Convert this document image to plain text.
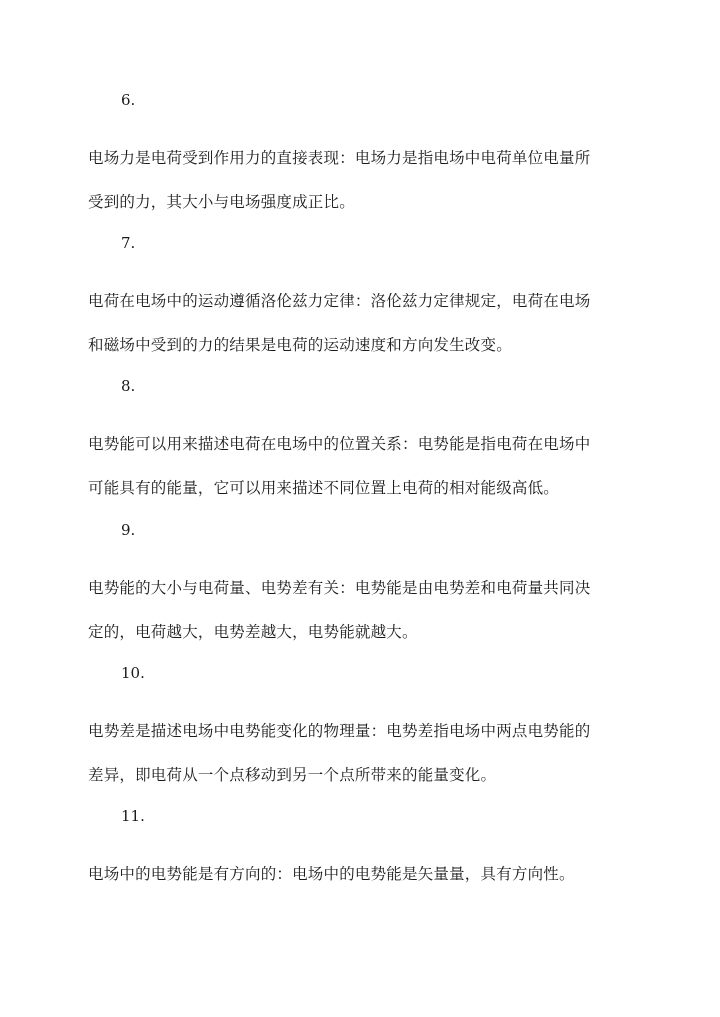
6.
电场力是电荷受到作用力的直接表现：电场力是指电场中电荷单位电量所
受到的力，其大小与电场强度成正比。
7.
电荷在电场中的运动遵循洛伦兹力定律：洛伦兹力定律规定，电荷在电场
和磁场中受到的力的结果是电荷的运动速度和方向发生改变。
8.
电势能可以用来描述电荷在电场中的位置关系：电势能是指电荷在电场中
可能具有的能量，它可以用来描述不同位置上电荷的相对能级高低。
9.
电势能的大小与电荷量、电势差有关：电势能是由电势差和电荷量共同决
定的，电荷越大，电势差越大，电势能就越大。
10.
电势差是描述电场中电势能变化的物理量：电势差指电场中两点电势能的
差异，即电荷从一个点移动到另一个点所带来的能量变化。
11.
电场中的电势能是有方向的：电场中的电势能是矢量量，具有方向性。
